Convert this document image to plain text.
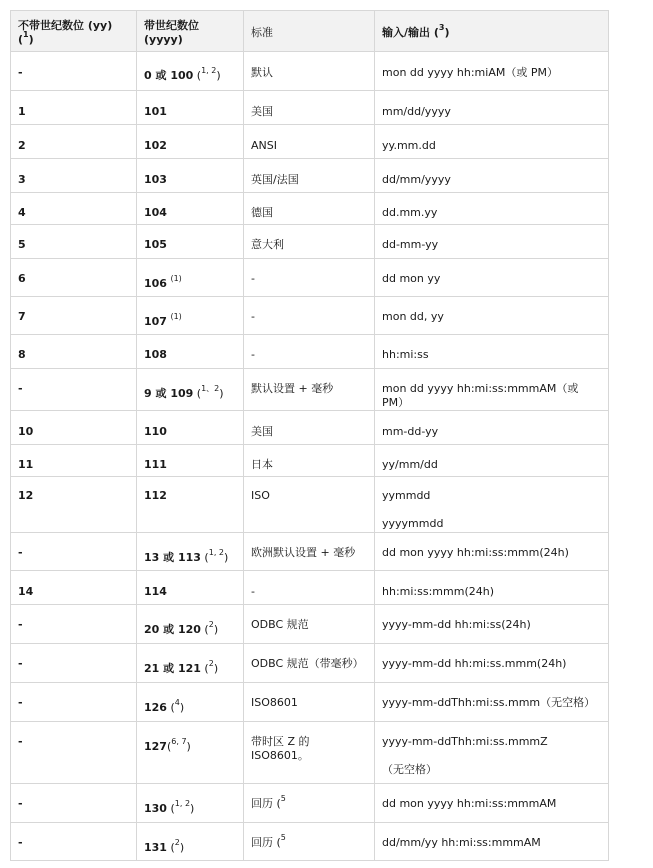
不带世纪数位 (yy) ($^1$)	带世纪数位 (yyyy)	标准	输入/输出 ($^3$)
-	0 或 100 ($^{1, 2}$)	默认	mon dd yyyy hh:miAM（或 PM）

1	101	美国	mm/dd/yyyy

2	102	ANSI	yy.mm.dd

3	103	英国/法国	dd/mm/yyyy

4	104	德国	dd.mm.yy

5	105	意大利	dd-mm-yy

6	106 $^{(1)}$	-	dd mon yy

7	107 $^{(1)}$	-	mon dd, yy

8	108	-	hh:mi:ss

-	9 或 109 ($^{1、2}$)	默认设置 + 毫秒	mon dd yyyy hh:mi:ss:mmmAM（或 PM）

10	110	美国	mm-dd-yy

11	111	日本	yy/mm/dd

12	112	ISO	yymmdd
yyyymmdd

-	13 或 113 ($^{1, 2}$)	欧洲默认设置 + 毫秒	dd mon yyyy hh:mi:ss:mmm(24h)

14	114	-	hh:mi:ss:mmm(24h)

-	20 或 120 ($^2$)	ODBC 规范	yyyy-mm-dd hh:mi:ss(24h)

-	21 或 121 ($^2$)	ODBC 规范（带毫秒）	yyyy-mm-dd hh:mi:ss.mmm(24h)

-	126 ($^4$)	ISO8601	yyyy-mm-ddThh:mi:ss.mmm（无空格）

-	127($^{6, 7}$)	带时区 Z 的 ISO8601。	yyyy-mm-ddThh:mi:ss.mmmZ
（无空格）

-	130 ($^{1, 2}$)	回历 ($^5$	dd mon yyyy hh:mi:ss:mmmAM

-	131 ($^2$)	回历 ($^5$	dd/mm/yy hh:mi:ss:mmmAM
